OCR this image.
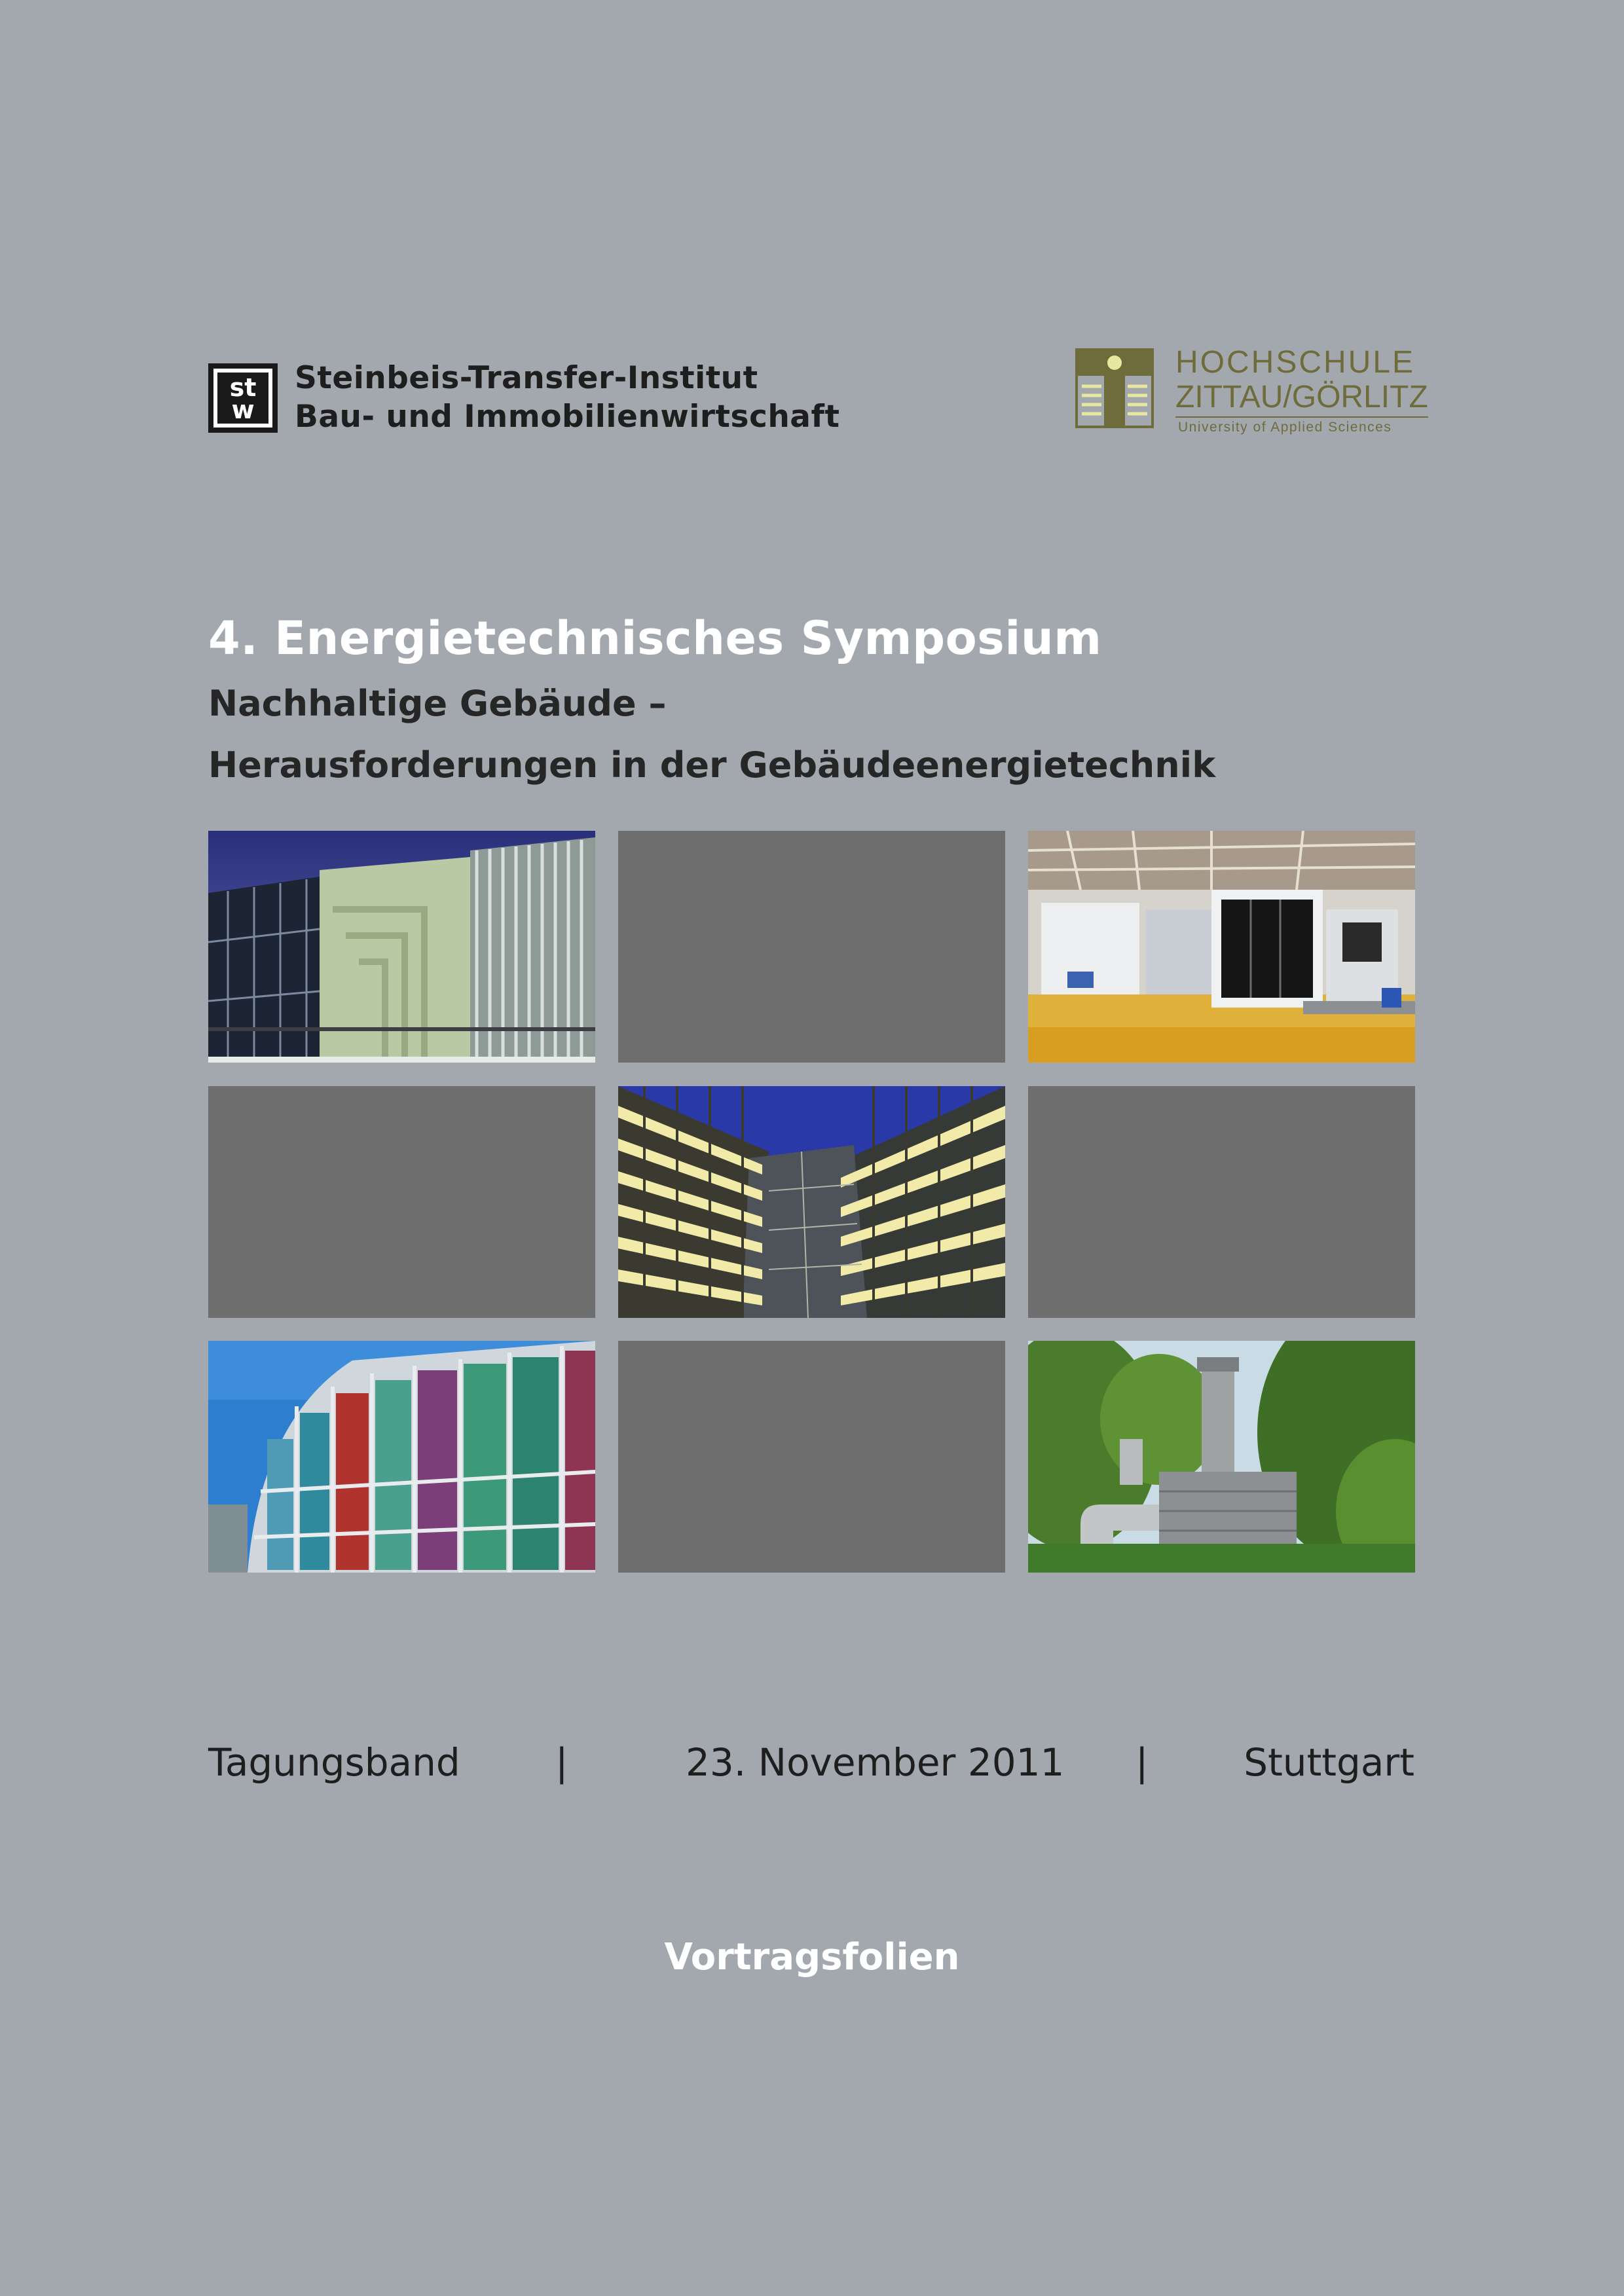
st
w
Steinbeis-Transfer-Institut
Bau- und Immobilienwirtschaft
HOCHSCHULE
ZITTAU/GÖRLITZ
University of Applied Sciences
4. Energietechnisches Symposium
Nachhaltige Gebäude –
Herausforderungen in der Gebäudeenergietechnik
Tagungsband	|	23. November 2011 |	Stuttgart
Vortragsfolien
